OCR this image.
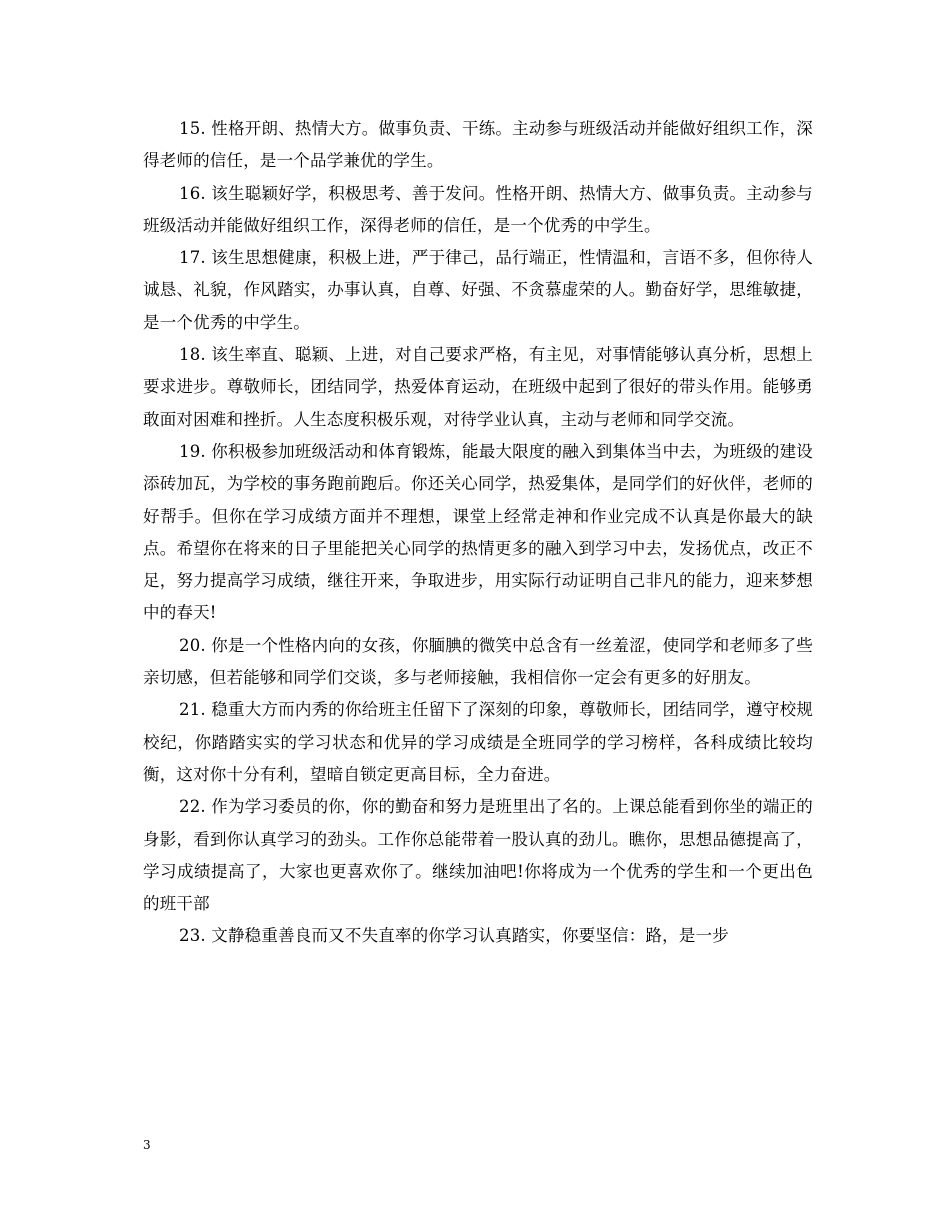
15. 性格开朗、热情大方。做事负责、干练。主动参与班级活动并能做好组织工作，深得老师的信任，是一个品学兼优的学生。

16. 该生聪颖好学，积极思考、善于发问。性格开朗、热情大方、做事负责。主动参与班级活动并能做好组织工作，深得老师的信任，是一个优秀的中学生。

17. 该生思想健康，积极上进，严于律己，品行端正，性情温和，言语不多，但你待人诚恳、礼貌，作风踏实，办事认真，自尊、好强、不贪慕虚荣的人。勤奋好学，思维敏捷，是一个优秀的中学生。

18. 该生率直、聪颖、上进，对自己要求严格，有主见，对事情能够认真分析，思想上要求进步。尊敬师长，团结同学，热爱体育运动，在班级中起到了很好的带头作用。能够勇敢面对困难和挫折。人生态度积极乐观，对待学业认真，主动与老师和同学交流。

19. 你积极参加班级活动和体育锻炼，能最大限度的融入到集体当中去，为班级的建设添砖加瓦，为学校的事务跑前跑后。你还关心同学，热爱集体，是同学们的好伙伴，老师的好帮手。但你在学习成绩方面并不理想，课堂上经常走神和作业完成不认真是你最大的缺点。希望你在将来的日子里能把关心同学的热情更多的融入到学习中去，发扬优点，改正不足，努力提高学习成绩，继往开来，争取进步，用实际行动证明自己非凡的能力，迎来梦想中的春天!

20. 你是一个性格内向的女孩，你腼腆的微笑中总含有一丝羞涩，使同学和老师多了些亲切感，但若能够和同学们交谈，多与老师接触，我相信你一定会有更多的好朋友。

21. 稳重大方而内秀的你给班主任留下了深刻的印象，尊敬师长，团结同学，遵守校规校纪，你踏踏实实的学习状态和优异的学习成绩是全班同学的学习榜样，各科成绩比较均衡，这对你十分有利，望暗自锁定更高目标，全力奋进。

22. 作为学习委员的你，你的勤奋和努力是班里出了名的。上课总能看到你坐的端正的身影，看到你认真学习的劲头。工作你总能带着一股认真的劲儿。瞧你，思想品德提高了，学习成绩提高了，大家也更喜欢你了。继续加油吧!你将成为一个优秀的学生和一个更出色的班干部

23. 文静稳重善良而又不失直率的你学习认真踏实，你要坚信：路，是一步

3
